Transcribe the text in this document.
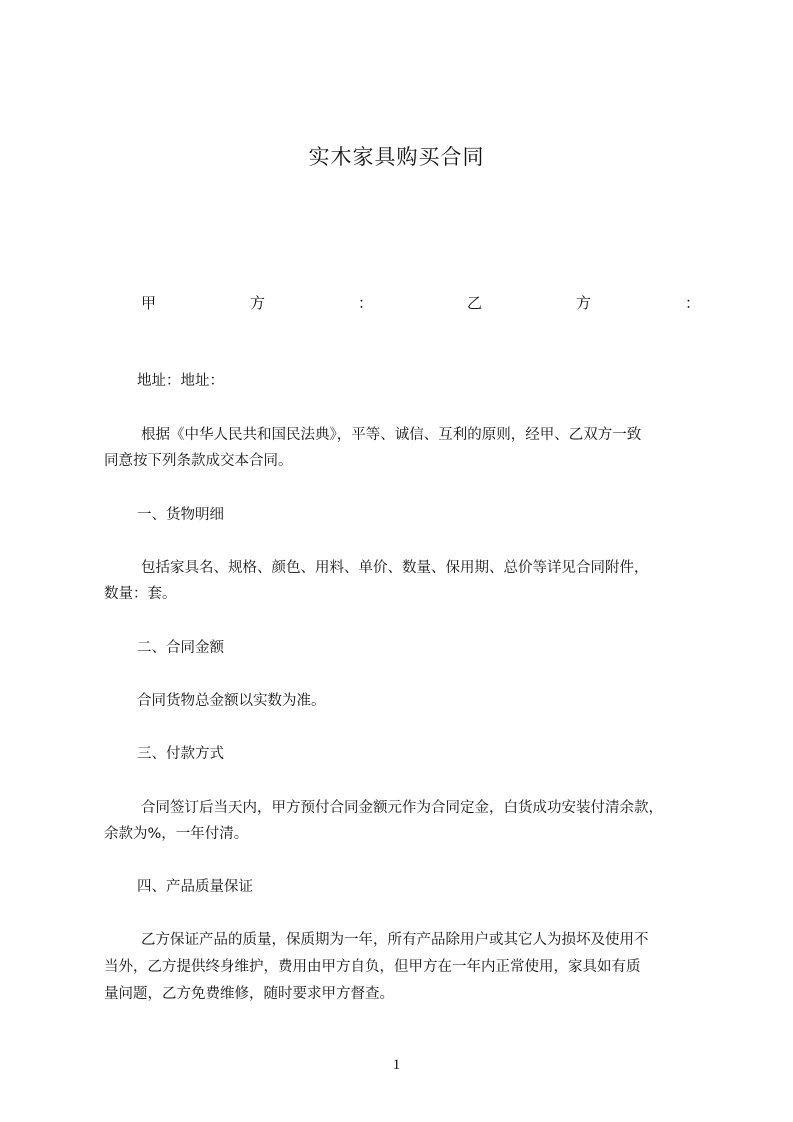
实木家具购买合同
甲	方	：	乙	方	：
地址：地址：
根据《中华人民共和国民法典》，平等、诚信、互利的原则，经甲、乙双方一致
同意按下列条款成交本合同。
一、货物明细
包括家具名、规格、颜色、用料、单价、数量、保用期、总价等详见合同附件，
数量：套。
二、合同金额
合同货物总金额以实数为准。
三、付款方式
合同签订后当天内，甲方预付合同金额元作为合同定金，白货成功安装付清余款，
余款为%，一年付清。
四、产品质量保证
乙方保证产品的质量，保质期为一年，所有产品除用户或其它人为损坏及使用不
当外，乙方提供终身维护，费用由甲方自负，但甲方在一年内正常使用，家具如有质
量问题，乙方免费维修，随时要求甲方督查。
1
